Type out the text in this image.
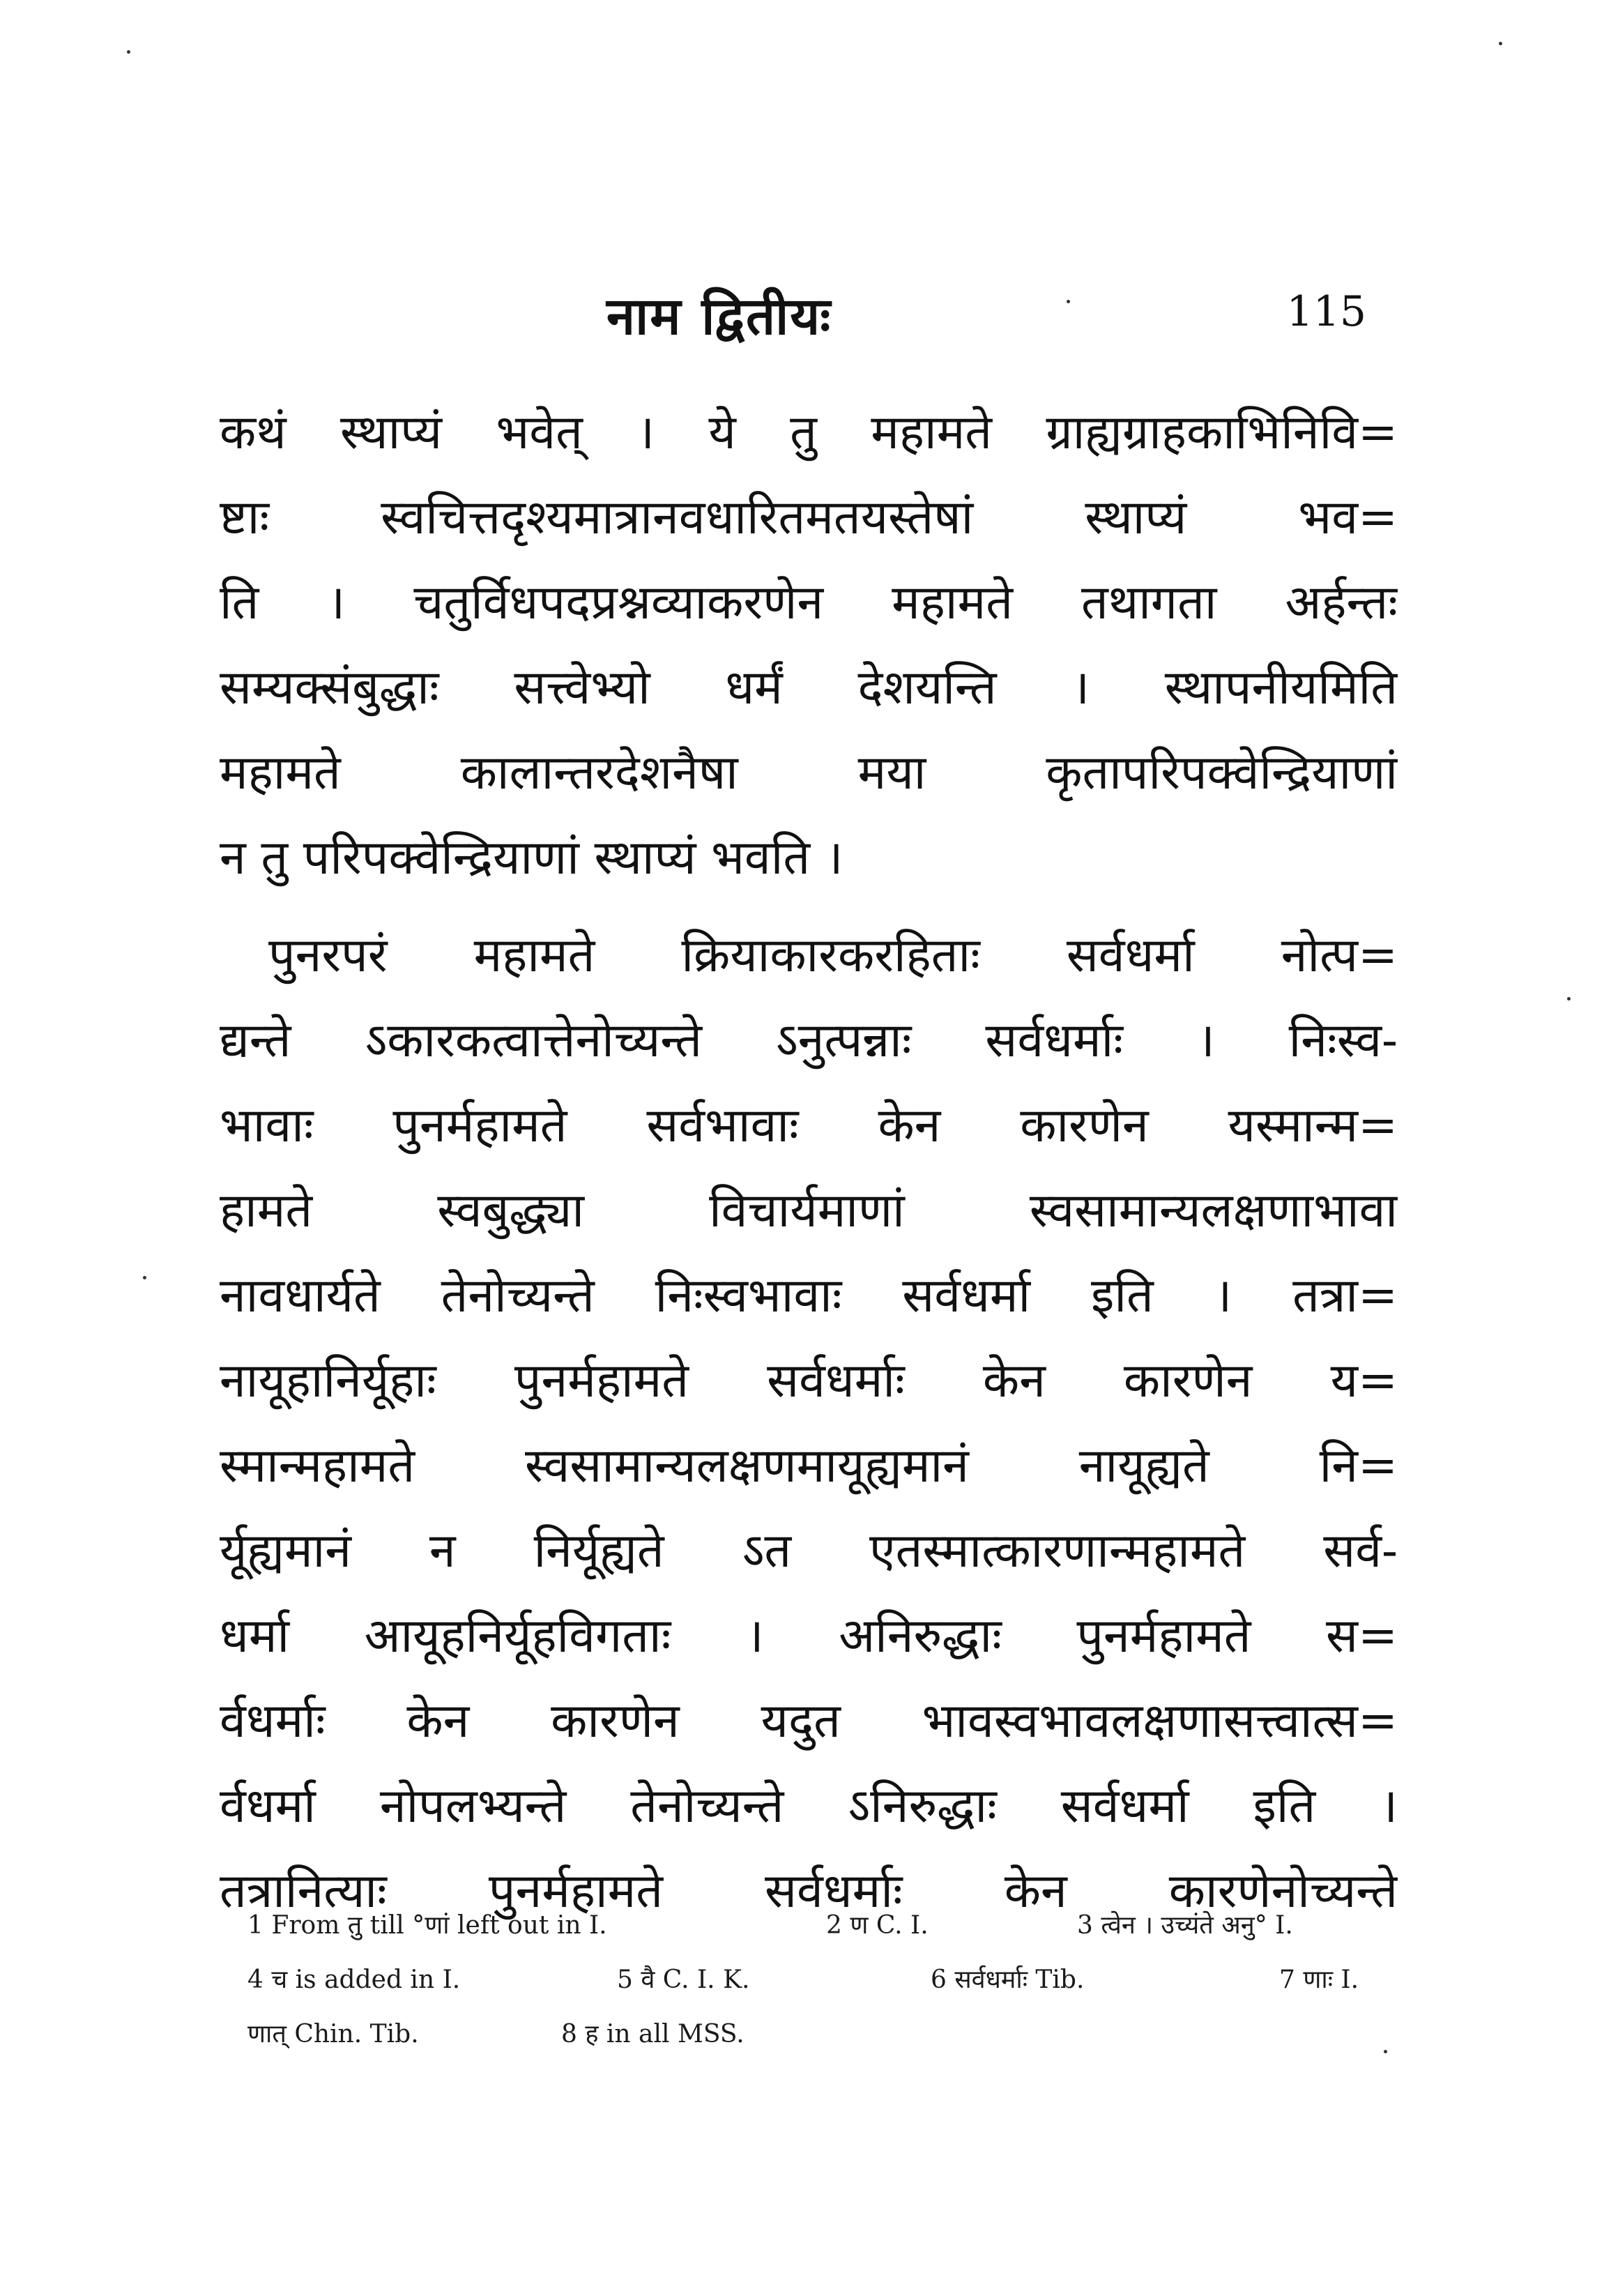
नाम द्वितीयः	115
कथं स्थाप्यं भवेत् । ये तु महामते ग्राह्यग्राहकाभिनिवि=
ष्टाः स्वचित्तदृश्यमात्रानवधारितमतयस्तेषां स्थाप्यं भव=
ति । चतुर्विधपदप्रश्नव्याकरणेन महामते तथागता अर्हन्तः
सम्यक्संबुद्धाः सत्त्वेभ्यो धर्मं देशयन्ति । स्थापनीयमिति
महामते कालान्तरदेशनैषा मया कृतापरिपक्वेन्द्रियाणां
न तु परिपक्वेन्द्रियाणां स्थाप्यं भवति ।
पुनरपरं महामते क्रियाकारकरहिताः सर्वधर्मा नोत्प=
द्यन्ते ऽकारकत्वात्तेनोच्यन्ते ऽनुत्पन्नाः सर्वधर्माः । निःस्व-
भावाः पुनर्महामते सर्वभावाः केन कारणेन यस्मान्म=
हामते स्वबुद्ध्या विचार्यमाणां स्वसामान्यलक्षणाभावा
नावधार्यते तेनोच्यन्ते निःस्वभावाः सर्वधर्मा इति । तत्रा=
नायूहानिर्यूहाः पुनर्महामते सर्वधर्माः केन कारणेन य=
स्मान्महामते स्वसामान्यलक्षणमायूह्यमानं नायूह्यते नि=
र्यूह्यमानं न निर्यूह्यते ऽत एतस्मात्कारणान्महामते सर्व-
धर्मा आयूहनिर्यूहविगताः । अनिरुद्धाः पुनर्महामते स=
र्वधर्माः केन कारणेन यदुत भावस्वभावलक्षणासत्त्वात्स=
र्वधर्मा नोपलभ्यन्ते तेनोच्यन्ते ऽनिरुद्धाः सर्वधर्मा इति ।
तत्रानित्याः पुनर्महामते सर्वधर्माः केन कारणेनोच्यन्ते
1 From तु till °णां left out in I.	2 ण C. I.	3 त्वेन । उच्यंते अनु° I.
4 च is added in I.	5 वै C. I. K.	6 सर्वधर्माः Tib.	7 णाः I.
णात् Chin. Tib.	8 ह in all MSS.
